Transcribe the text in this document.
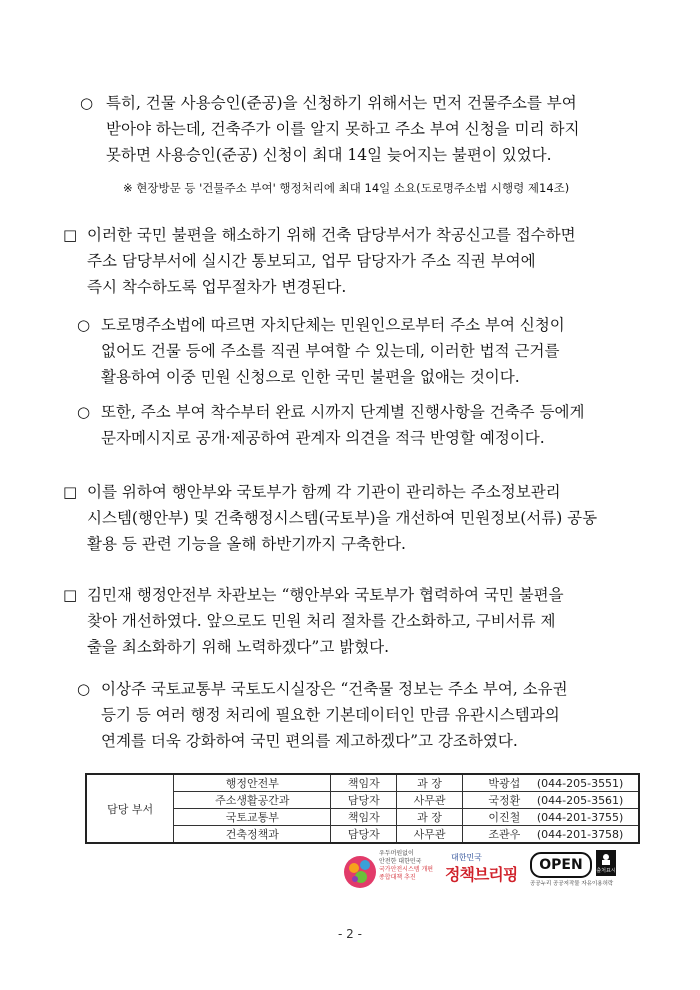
○ 특히, 건물 사용승인(준공)을 신청하기 위해서는 먼저 건물주소를 부여
받아야 하는데, 건축주가 이를 알지 못하고 주소 부여 신청을 미리 하지
못하면 사용승인(준공) 신청이 최대 14일 늦어지는 불편이 있었다.
※ 현장방문 등 '건물주소 부여' 행정처리에 최대 14일 소요(도로명주소법 시행령 제14조)
□ 이러한 국민 불편을 해소하기 위해 건축 담당부서가 착공신고를 접수하면
주소 담당부서에 실시간 통보되고, 업무 담당자가 주소 직권 부여에
즉시 착수하도록 업무절차가 변경된다.
○ 도로명주소법에 따르면 자치단체는 민원인으로부터 주소 부여 신청이
없어도 건물 등에 주소를 직권 부여할 수 있는데, 이러한 법적 근거를
활용하여 이중 민원 신청으로 인한 국민 불편을 없애는 것이다.
○ 또한, 주소 부여 착수부터 완료 시까지 단계별 진행사항을 건축주 등에게
문자메시지로 공개·제공하여 관계자 의견을 적극 반영할 예정이다.
□ 이를 위하여 행안부와 국토부가 함께 각 기관이 관리하는 주소정보관리
시스템(행안부) 및 건축행정시스템(국토부)을 개선하여 민원정보(서류) 공동
활용 등 관련 기능을 올해 하반기까지 구축한다.
□ 김민재 행정안전부 차관보는 “행안부와 국토부가 협력하여 국민 불편을
찾아 개선하였다. 앞으로도 민원 처리 절차를 간소화하고, 구비서류 제
출을 최소화하기 위해 노력하겠다”고 밝혔다.
○ 이상주 국토교통부 국토도시실장은 “건축물 정보는 주소 부여, 소유권
등기 등 여러 행정 처리에 필요한 기본데이터인 만큼 유관시스템과의
연계를 더욱 강화하여 국민 편의를 제고하겠다”고 강조하였다.
담당 부서	행정안전부	책임자	과 장	박광섭	(044-205-3551)
	주소생활공간과	담당자	사무관	국정환	(044-205-3561)
	국토교통부	책임자	과 장	이진철	(044-201-3755)
	건축정책과	담당자	사무관	조관우	(044-201-3758)
우두머원없이
안전한 대한민국
국가안전시스템 개편
종합대책 추진
대한민국
정책브리핑	OPEN	출처표시
공공누리 공공저작물 자유이용허락
- 2 -
